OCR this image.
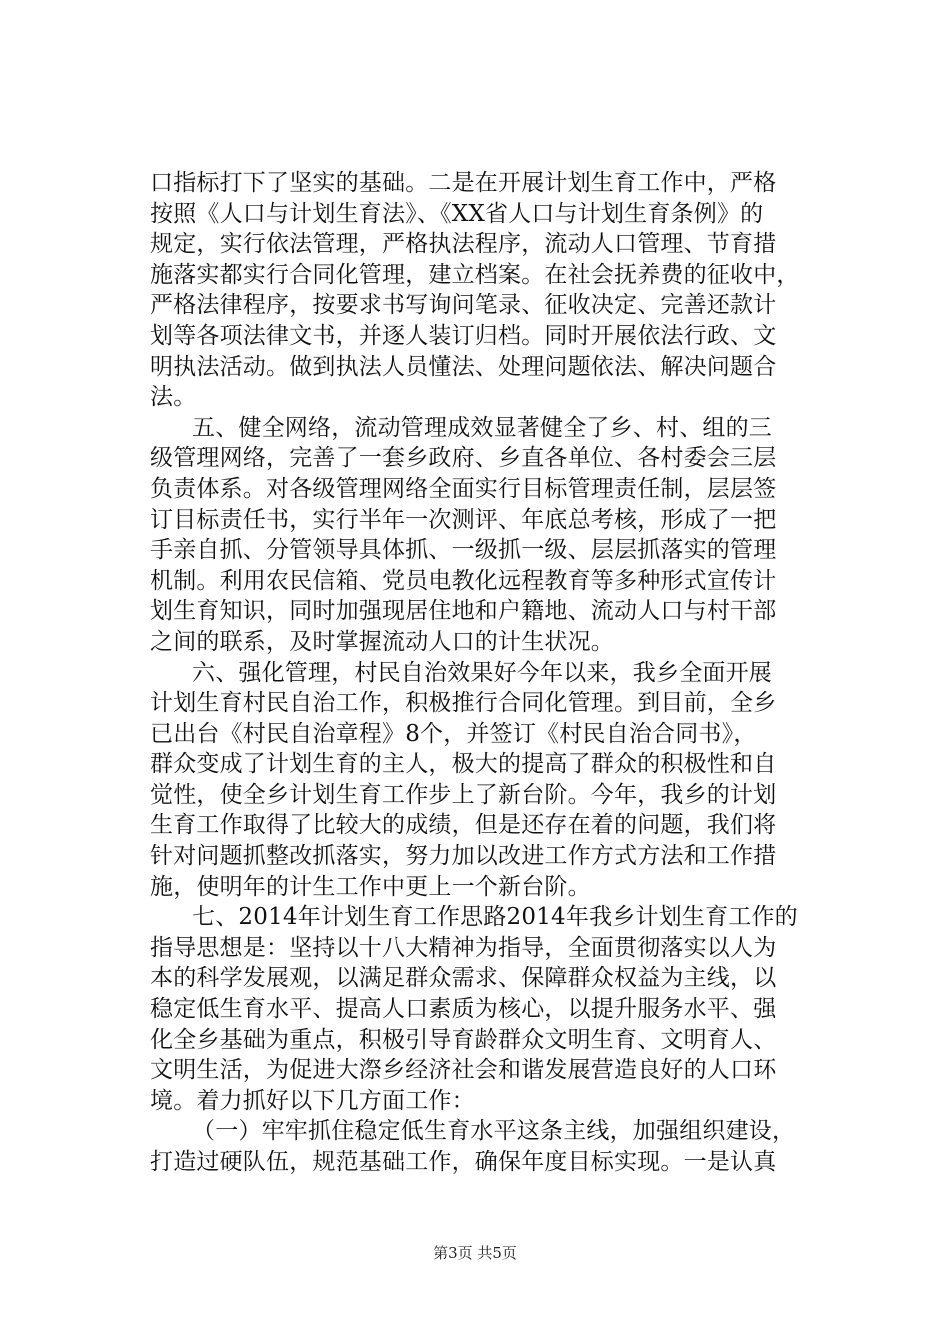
口指标打下了坚实的基础。二是在开展计划生育工作中，严格
按照《人口与计划生育法》、《XX省人口与计划生育条例》的
规定，实行依法管理，严格执法程序，流动人口管理、节育措
施落实都实行合同化管理，建立档案。在社会抚养费的征收中，
严格法律程序，按要求书写询问笔录、征收决定、完善还款计
划等各项法律文书，并逐人装订归档。同时开展依法行政、文
明执法活动。做到执法人员懂法、处理问题依法、解决问题合
法。
五、健全网络，流动管理成效显著健全了乡、村、组的三
级管理网络，完善了一套乡政府、乡直各单位、各村委会三层
负责体系。对各级管理网络全面实行目标管理责任制，层层签
订目标责任书，实行半年一次测评、年底总考核，形成了一把
手亲自抓、分管领导具体抓、一级抓一级、层层抓落实的管理
机制。利用农民信箱、党员电教化远程教育等多种形式宣传计
划生育知识，同时加强现居住地和户籍地、流动人口与村干部
之间的联系，及时掌握流动人口的计生状况。
六、强化管理，村民自治效果好今年以来，我乡全面开展
计划生育村民自治工作，积极推行合同化管理。到目前，全乡
已出台《村民自治章程》8个，并签订《村民自治合同书》，
群众变成了计划生育的主人，极大的提高了群众的积极性和自
觉性，使全乡计划生育工作步上了新台阶。今年，我乡的计划
生育工作取得了比较大的成绩，但是还存在着的问题，我们将
针对问题抓整改抓落实，努力加以改进工作方式方法和工作措
施，使明年的计生工作中更上一个新台阶。
七、2014年计划生育工作思路2014年我乡计划生育工作的
指导思想是：坚持以十八大精神为指导，全面贯彻落实以人为
本的科学发展观，以满足群众需求、保障群众权益为主线，以
稳定低生育水平、提高人口素质为核心，以提升服务水平、强
化全乡基础为重点，积极引导育龄群众文明生育、文明育人、
文明生活，为促进大漈乡经济社会和谐发展营造良好的人口环
境。着力抓好以下几方面工作：
（一）牢牢抓住稳定低生育水平这条主线，加强组织建设，
打造过硬队伍，规范基础工作，确保年度目标实现。一是认真
第3页 共5页
